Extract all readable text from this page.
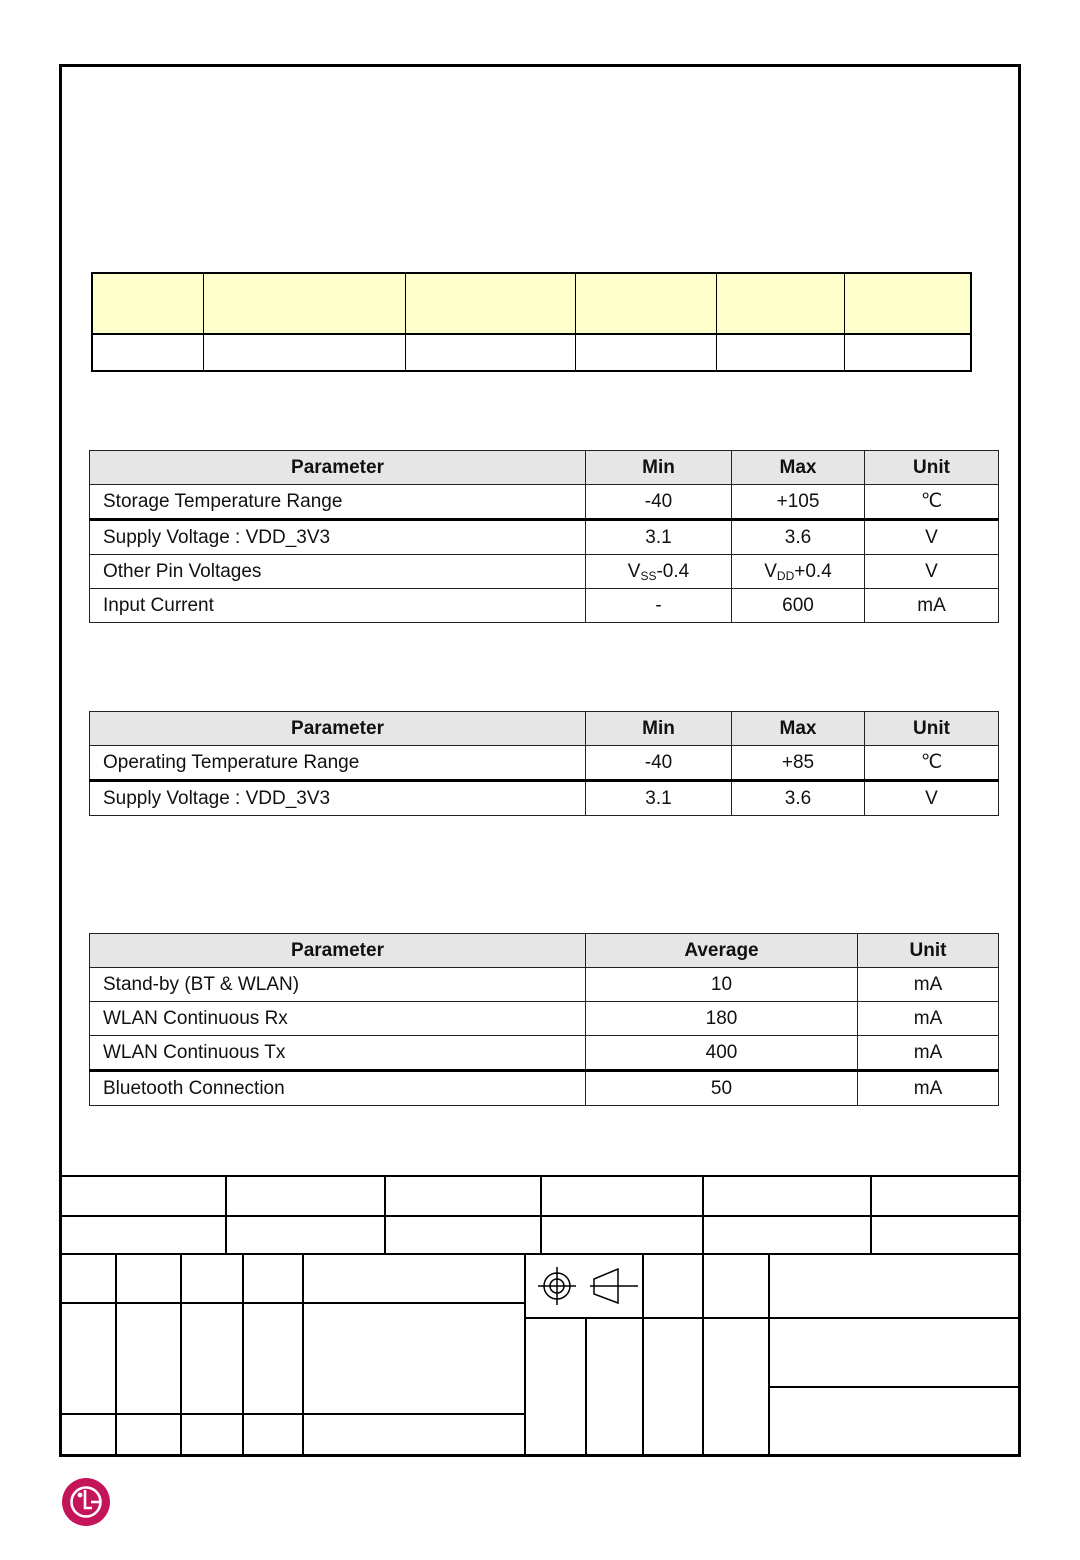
Parameter	Min	Max	Unit
Storage Temperature Range	-40	+105	℃
Supply Voltage : VDD_3V3	3.1	3.6	V
Other Pin Voltages	$V_{SS}-0.4$	$V_{DD}+0.4$	V
Input Current	-	600	mA
Parameter	Min	Max	Unit
Operating Temperature Range	-40	+85	℃
Supply Voltage : VDD_3V3	3.1	3.6	V
Parameter	Average	Unit
Stand-by (BT & WLAN)	10	mA
WLAN Continuous Rx	180	mA
WLAN Continuous Tx	400	mA
Bluetooth Connection	50	mA
